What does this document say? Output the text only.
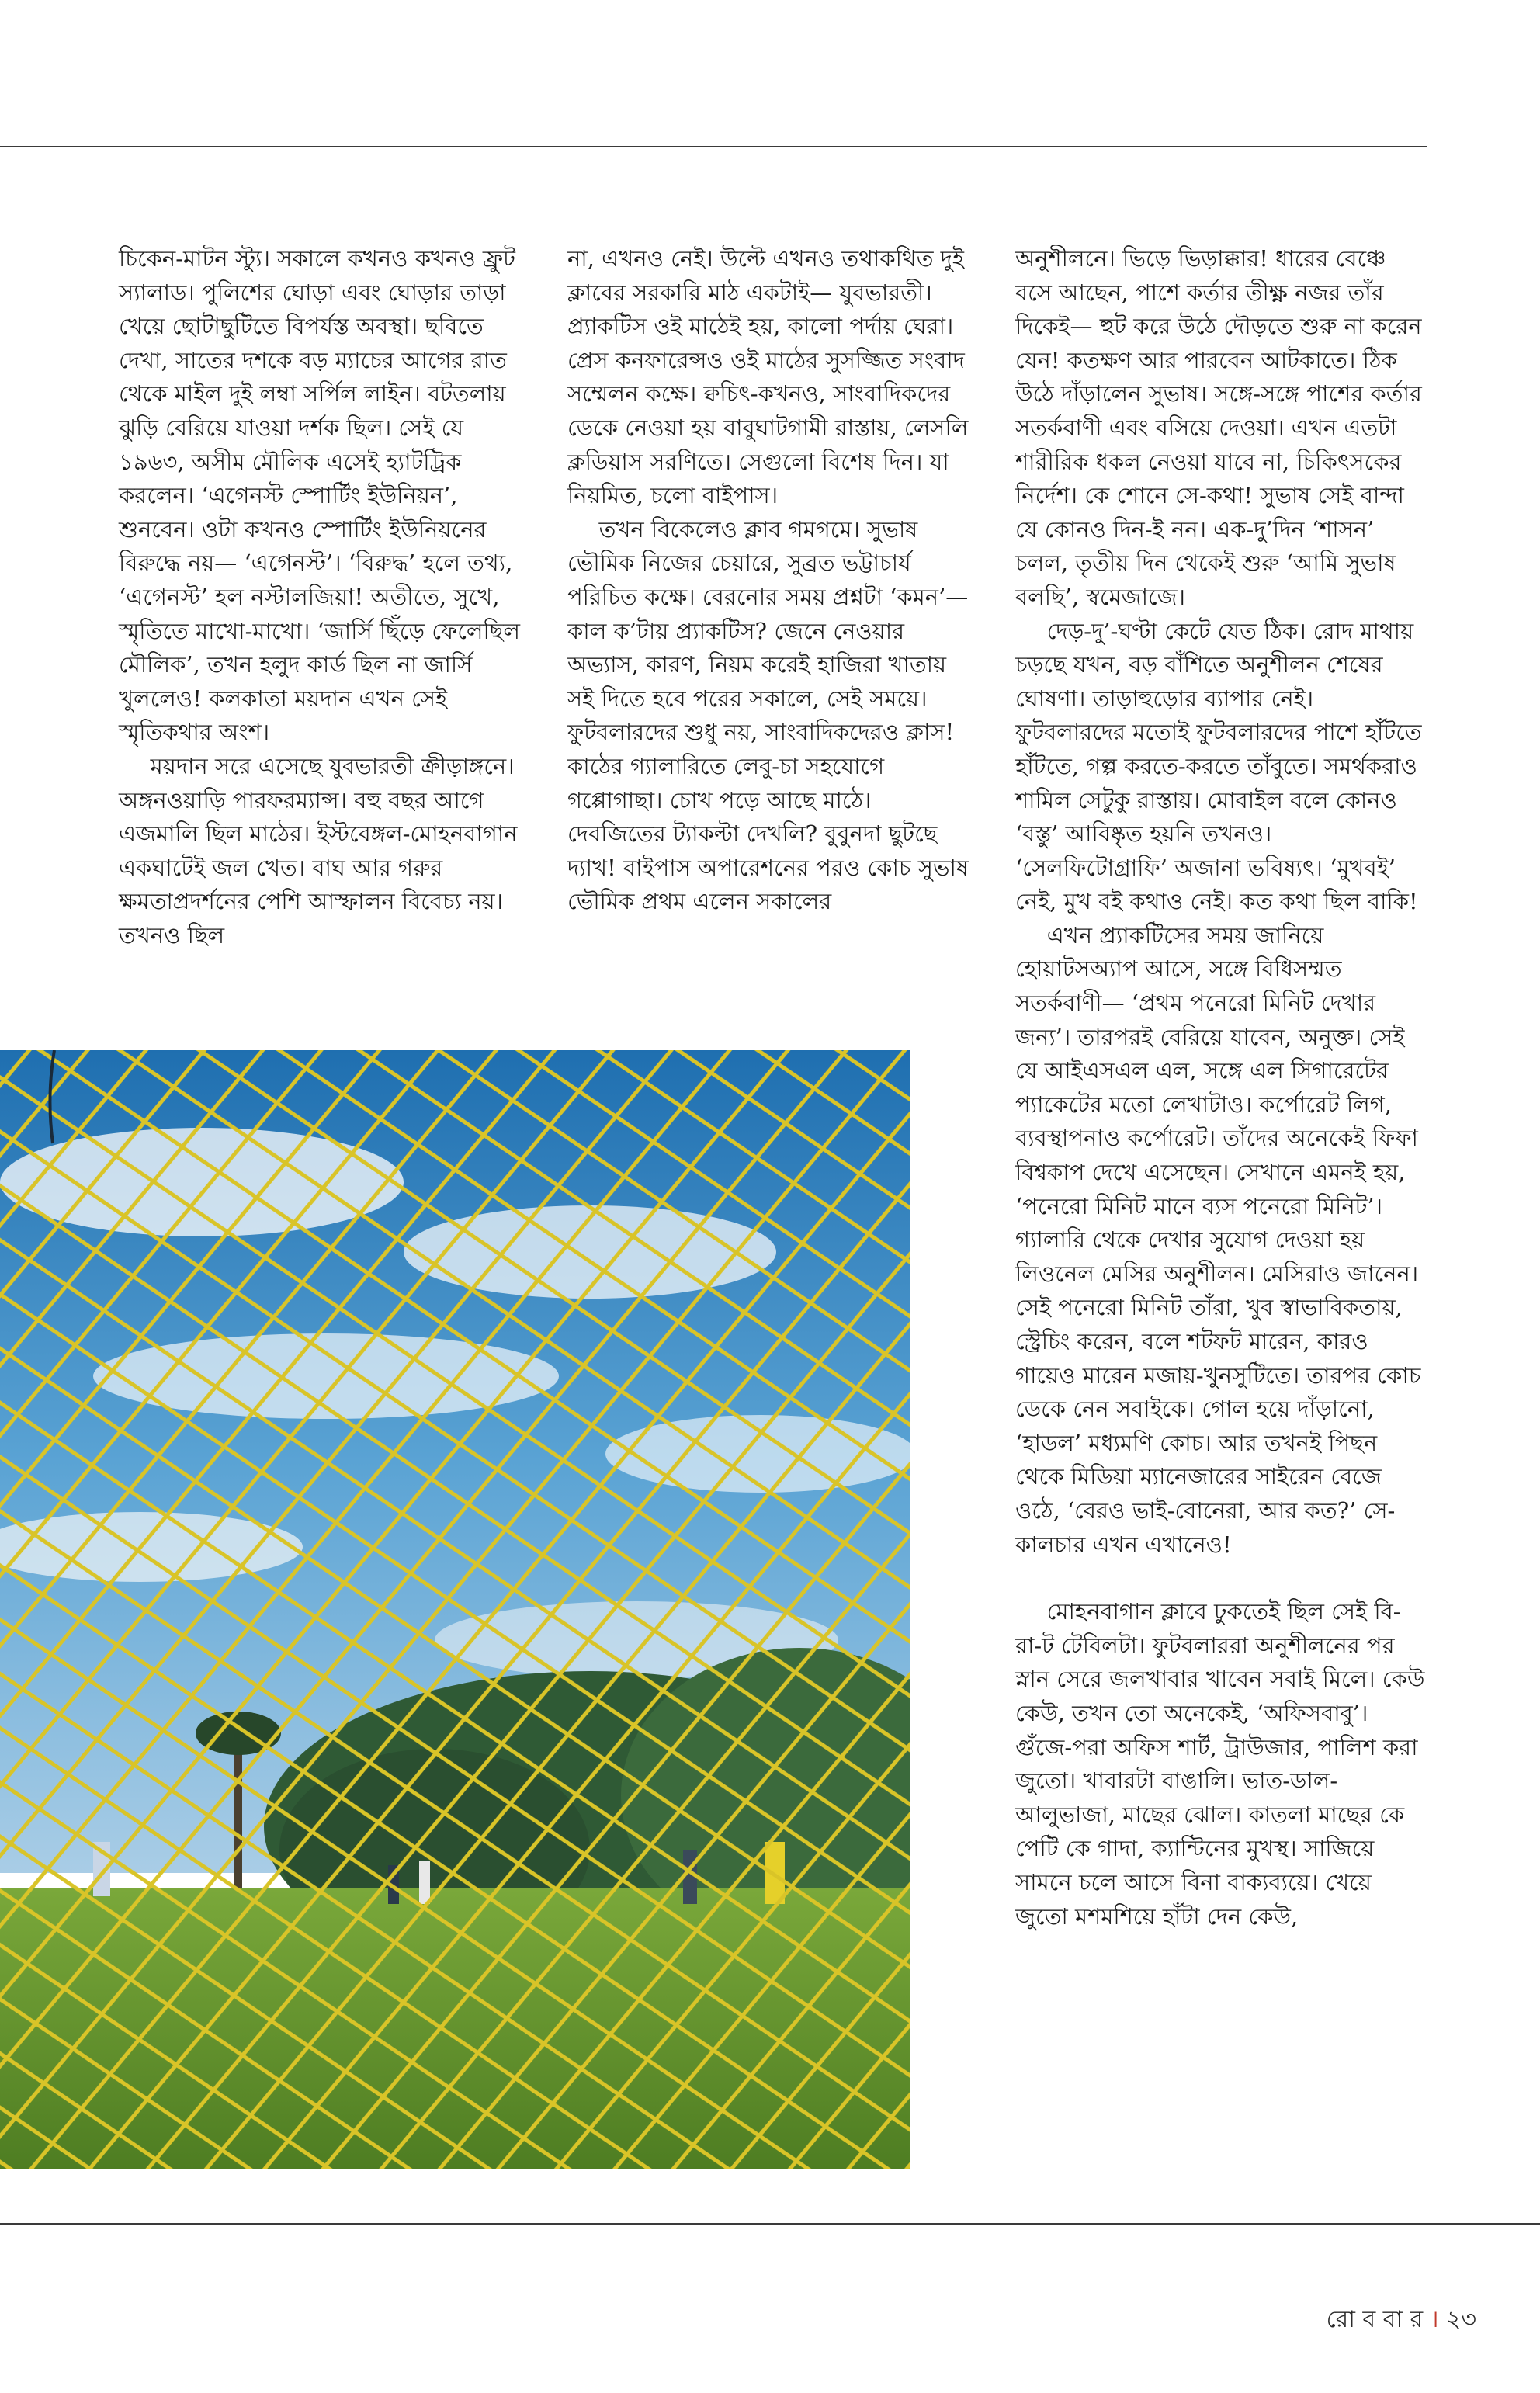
চিকেন-মাটন স্ট্যু। সকালে কখনও কখনও ফ্রুট স্যালাড। পুলিশের ঘোড়া এবং ঘোড়ার তাড়া খেয়ে ছোটাছুটিতে বিপর্যস্ত অবস্থা। ছবিতে দেখা, সাতের দশকে বড় ম্যাচের আগের রাত থেকে মাইল দুই লম্বা সর্পিল লাইন। বটতলায় ঝুড়ি বেরিয়ে যাওয়া দর্শক ছিল। সেই যে ১৯৬৩, অসীম মৌলিক এসেই হ্যাটট্রিক করলেন। ‘এগেনস্ট স্পোর্টিং ইউনিয়ন’, শুনবেন। ওটা কখনও স্পোর্টিং ইউনিয়নের বিরুদ্ধে নয়— ‘এগেনস্ট’। ‘বিরুদ্ধ’ হলে তথ্য, ‘এগেনস্ট’ হল নস্টালজিয়া! অতীতে, সুখে, স্মৃতিতে মাখো-মাখো। ‘জার্সি ছিঁড়ে ফেলেছিল মৌলিক’, তখন হলুদ কার্ড ছিল না জার্সি খুললেও! কলকাতা ময়দান এখন সেই স্মৃতিকথার অংশ।

ময়দান সরে এসেছে যুবভারতী ক্রীড়াঙ্গনে। অঙ্গনওয়াড়ি পারফরম্যান্স। বহু বছর আগে এজমালি ছিল মাঠের। ইস্টবেঙ্গল-মোহনবাগান একঘাটেই জল খেত। বাঘ আর গরুর ক্ষমতাপ্রদর্শনের পেশি আস্ফালন বিবেচ্য নয়। তখনও ছিল

না, এখনও নেই। উল্টে এখনও তথাকথিত দুই ক্লাবের সরকারি মাঠ একটাই— যুবভারতী। প্র্যাকটিস ওই মাঠেই হয়, কালো পর্দায় ঘেরা। প্রেস কনফারেন্সও ওই মাঠের সুসজ্জিত সংবাদ সম্মেলন কক্ষে। ক্বচিৎ-কখনও, সাংবাদিকদের ডেকে নেওয়া হয় বাবুঘাটগামী রাস্তায়, লেসলি ক্লডিয়াস সরণিতে। সেগুলো বিশেষ দিন। যা নিয়মিত, চলো বাইপাস।

তখন বিকেলেও ক্লাব গমগমে। সুভাষ ভৌমিক নিজের চেয়ারে, সুব্রত ভট্টাচার্য পরিচিত কক্ষে। বেরনোর সময় প্রশ্নটা ‘কমন’— কাল ক’টায় প্র্যাকটিস? জেনে নেওয়ার অভ্যাস, কারণ, নিয়ম করেই হাজিরা খাতায় সই দিতে হবে পরের সকালে, সেই সময়ে। ফুটবলারদের শুধু নয়, সাংবাদিকদেরও ক্লাস! কাঠের গ্যালারিতে লেবু-চা সহযোগে গপ্পোগাছা। চোখ পড়ে আছে মাঠে। দেবজিতের ট্যাকল্টা দেখলি? বুবুনদা ছুটছে দ্যাখ! বাইপাস অপারেশনের পরও কোচ সুভাষ ভৌমিক প্রথম এলেন সকালের

অনুশীলনে। ভিড়ে ভিড়াক্কার! ধারের বেঞ্চে বসে আছেন, পাশে কর্তার তীক্ষ্ণ নজর তাঁর দিকেই— হুট করে উঠে দৌড়তে শুরু না করেন যেন! কতক্ষণ আর পারবেন আটকাতে। ঠিক উঠে দাঁড়ালেন সুভাষ। সঙ্গে-সঙ্গে পাশের কর্তার সতর্কবাণী এবং বসিয়ে দেওয়া। এখন এতটা শারীরিক ধকল নেওয়া যাবে না, চিকিৎসকের নির্দেশ। কে শোনে সে-কথা! সুভাষ সেই বান্দা যে কোনও দিন-ই নন। এক-দু’দিন ‘শাসন’ চলল, তৃতীয় দিন থেকেই শুরু ‘আমি সুভাষ বলছি’, স্বমেজাজে।

দেড়-দু’-ঘণ্টা কেটে যেত ঠিক। রোদ মাথায় চড়ছে যখন, বড় বাঁশিতে অনুশীলন শেষের ঘোষণা। তাড়াহুড়োর ব্যাপার নেই। ফুটবলারদের মতোই ফুটবলারদের পাশে হাঁটতে হাঁটতে, গল্প করতে-করতে তাঁবুতে। সমর্থকরাও শামিল সেটুকু রাস্তায়। মোবাইল বলে কোনও ‘বস্তু’ আবিষ্কৃত হয়নি তখনও। ‘সেলফিটোগ্রাফি’ অজানা ভবিষ্যৎ। ‘মুখবই’ নেই, মুখ বই কথাও নেই। কত কথা ছিল বাকি!

এখন প্র্যাকটিসের সময় জানিয়ে হোয়াটসঅ্যাপ আসে, সঙ্গে বিধিসম্মত সতর্কবাণী— ‘প্রথম পনেরো মিনিট দেখার জন্য’। তারপরই বেরিয়ে যাবেন, অনুক্ত। সেই যে আইএসএল এল, সঙ্গে এল সিগারেটের প্যাকেটের মতো লেখাটাও। কর্পোরেট লিগ, ব্যবস্থাপনাও কর্পোরেট। তাঁদের অনেকেই ফিফা বিশ্বকাপ দেখে এসেছেন। সেখানে এমনই হয়, ‘পনেরো মিনিট মানে ব্যস পনেরো মিনিট’। গ্যালারি থেকে দেখার সুযোগ দেওয়া হয় লিওনেল মেসির অনুশীলন। মেসিরাও জানেন। সেই পনেরো মিনিট তাঁরা, খুব স্বাভাবিকতায়, স্ট্রেচিং করেন, বলে শটফট মারেন, কারও গায়েও মারেন মজায়-খুনসুটিতে। তারপর কোচ ডেকে নেন সবাইকে। গোল হয়ে দাঁড়ানো, ‘হাডল’ মধ্যমণি কোচ। আর তখনই পিছন থেকে মিডিয়া ম্যানেজারের সাইরেন বেজে ওঠে, ‘বেরও ভাই-বোনেরা, আর কত?’ সে-কালচার এখন এখানেও!

মোহনবাগান ক্লাবে ঢুকতেই ছিল সেই বি-রা-ট টেবিলটা। ফুটবলাররা অনুশীলনের পর স্নান সেরে জলখাবার খাবেন সবাই মিলে। কেউ কেউ, তখন তো অনেকেই, ‘অফিসবাবু’। গুঁজে-পরা অফিস শার্ট, ট্রাউজার, পালিশ করা জুতো। খাবারটা বাঙালি। ভাত-ডাল-আলুভাজা, মাছের ঝোল। কাতলা মাছের কে পেটি কে গাদা, ক্যান্টিনের মুখস্থ। সাজিয়ে সামনে চলে আসে বিনা বাক্যব্যয়ে। খেয়ে জুতো মশমশিয়ে হাঁটা দেন কেউ,

রো ব বা র । ২৩
